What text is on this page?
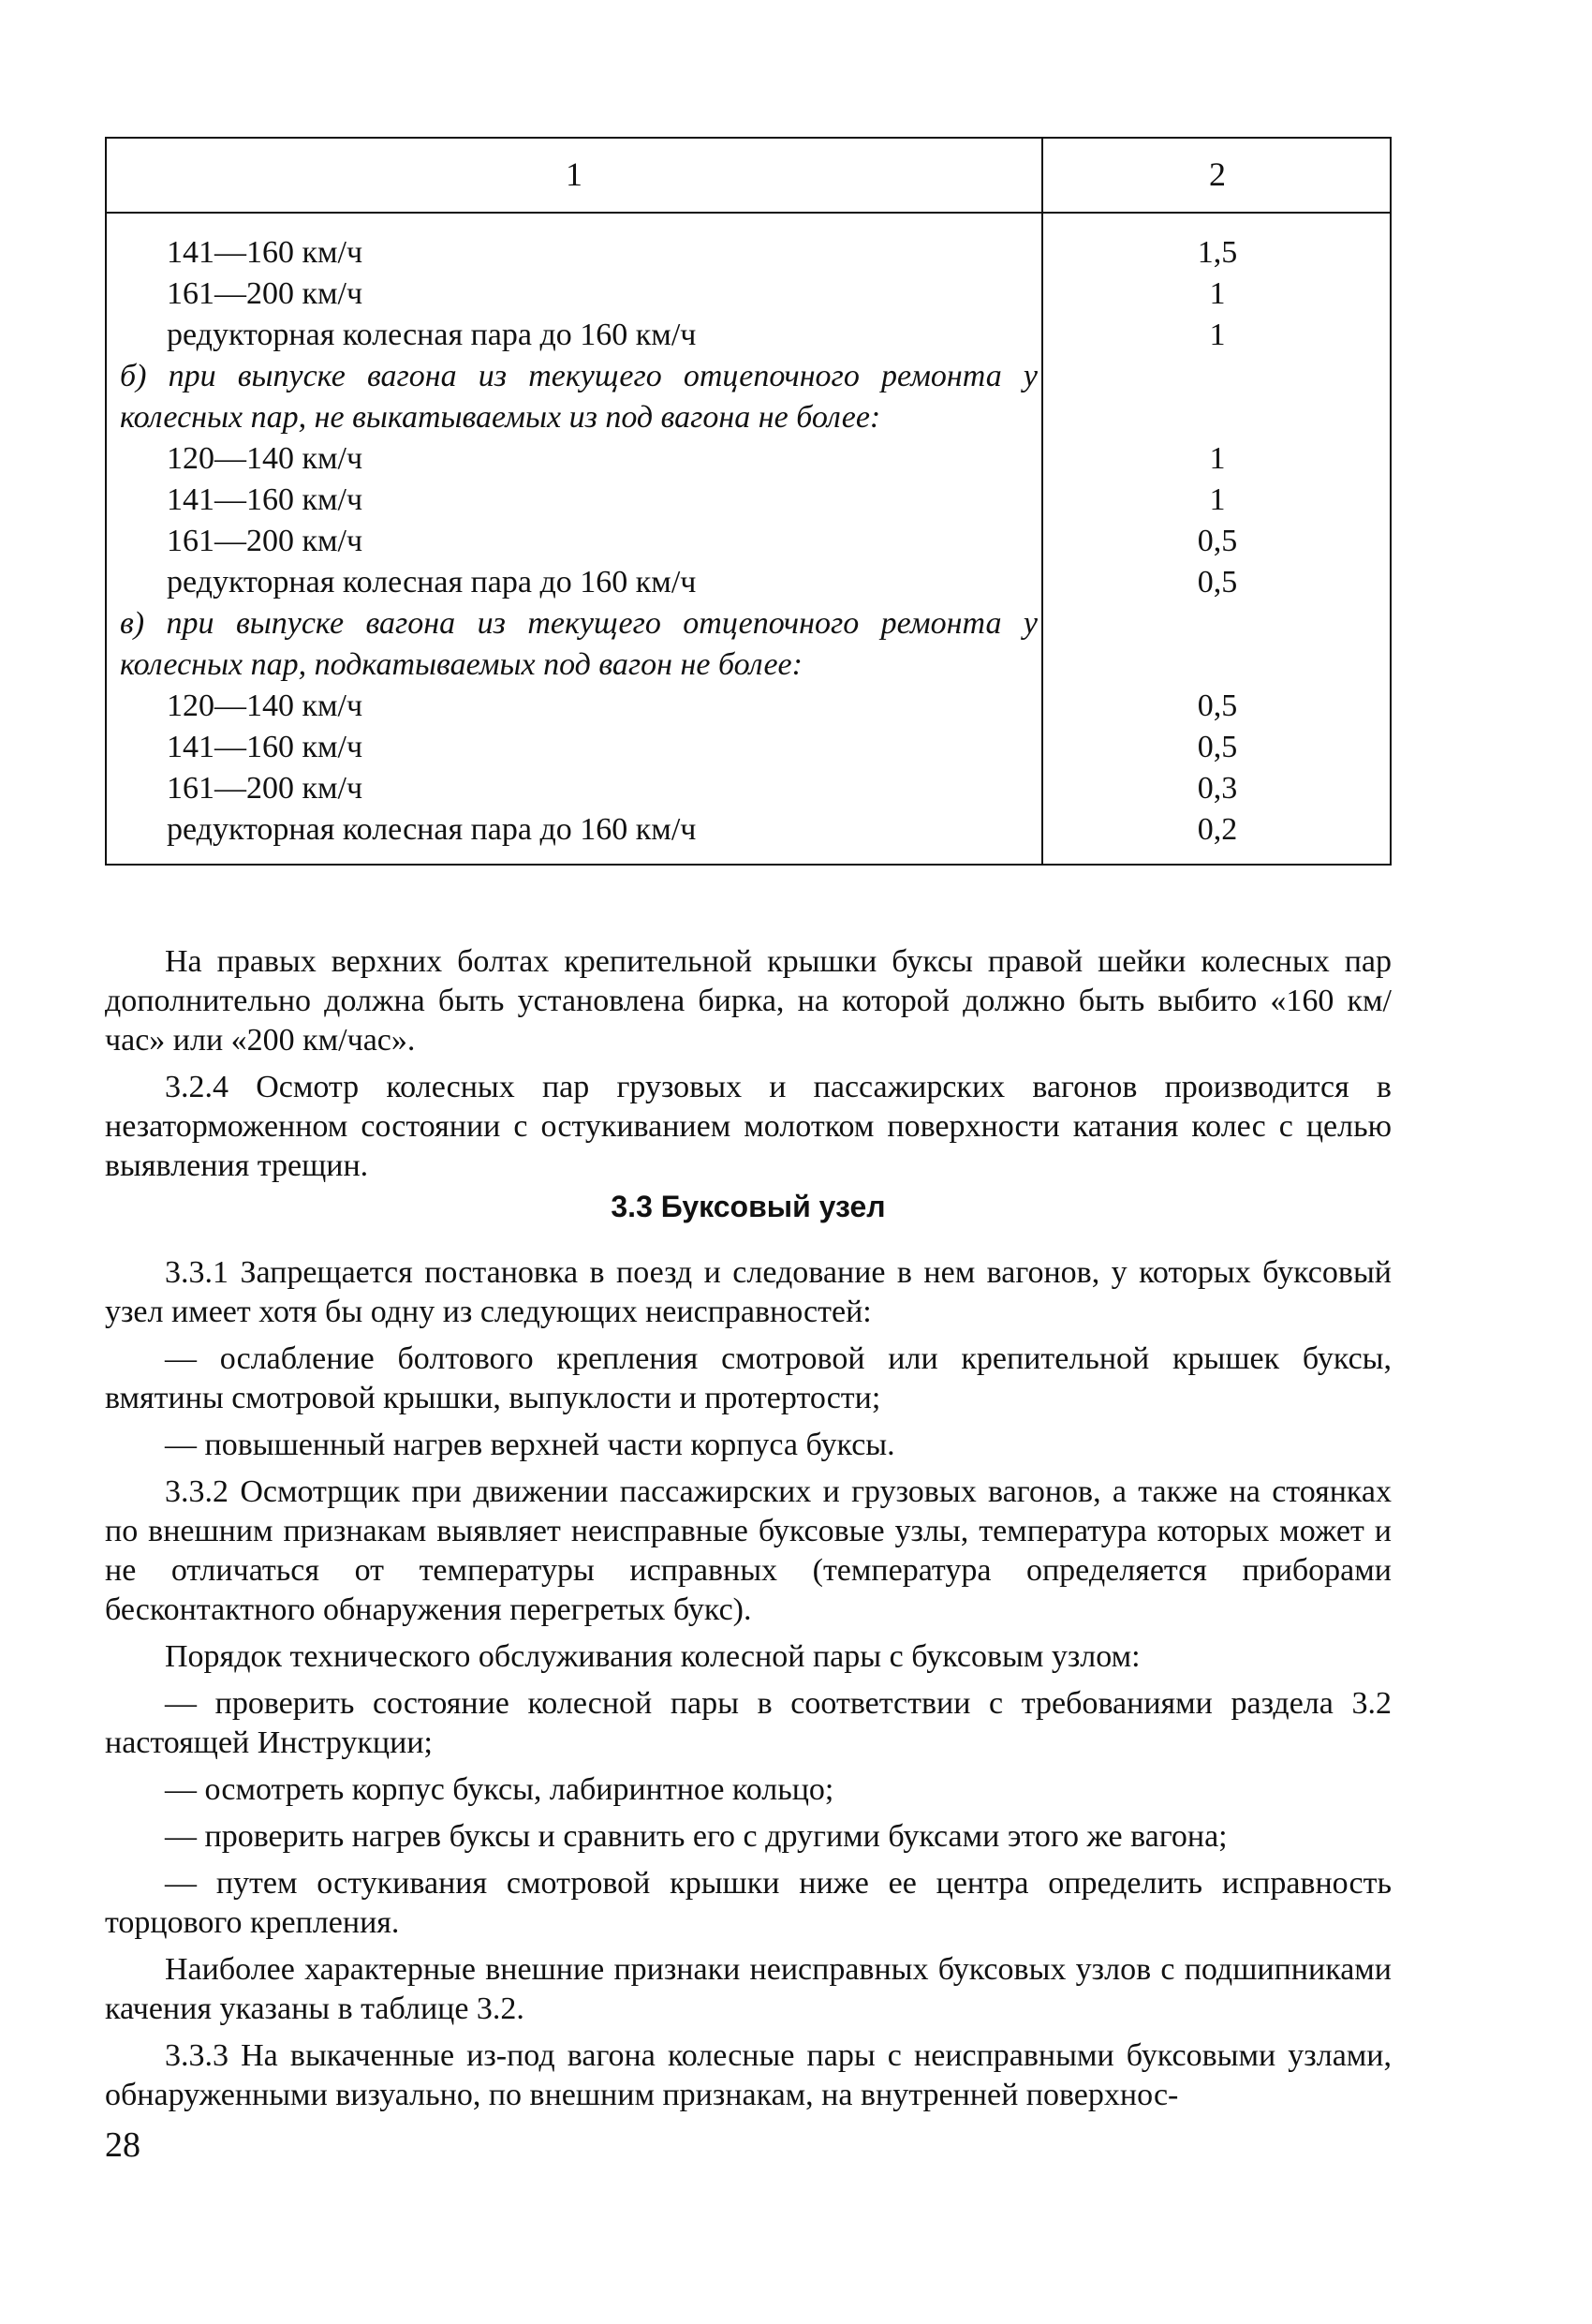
1	2
141—160 км/ч	1,5
161—200 км/ч	1
редукторная колесная пара до 160 км/ч	1
б) при выпуске вагона из текущего отцепочного ремонта у колесных пар, не выкатываемых из под вагона не более:
120—140 км/ч	1
141—160 км/ч	1
161—200 км/ч	0,5
редукторная колесная пара до 160 км/ч	0,5
в) при выпуске вагона из текущего отцепочного ремонта у колесных пар, подкатываемых под вагон не более:
120—140 км/ч	0,5
141—160 км/ч	0,5
161—200 км/ч	0,3
редукторная колесная пара до 160 км/ч	0,2

На правых верхних болтах крепительной крышки буксы правой шейки колесных пар дополнительно должна быть установлена бирка, на которой должно быть выбито «160 км/час» или «200 км/час».

3.2.4 Осмотр колесных пар грузовых и пассажирских вагонов производится в незаторможенном состоянии с остукиванием молотком поверхности катания колес с целью выявления трещин.

3.3 Буксовый узел

3.3.1 Запрещается постановка в поезд и следование в нем вагонов, у которых буксовый узел имеет хотя бы одну из следующих неисправностей:

— ослабление болтового крепления смотровой или крепительной крышек буксы, вмятины смотровой крышки, выпуклости и протертости;

— повышенный нагрев верхней части корпуса буксы.

3.3.2 Осмотрщик при движении пассажирских и грузовых вагонов, а также на стоянках по внешним признакам выявляет неисправные буксовые узлы, температура которых может и не отличаться от температуры исправных (температура определяется приборами бесконтактного обнаружения перегретых букс).

Порядок технического обслуживания колесной пары с буксовым узлом:

— проверить состояние колесной пары в соответствии с требованиями раздела 3.2 настоящей Инструкции;

— осмотреть корпус буксы, лабиринтное кольцо;

— проверить нагрев буксы и сравнить его с другими буксами этого же вагона;

— путем остукивания смотровой крышки ниже ее центра определить исправность торцового крепления.

Наиболее характерные внешние признаки неисправных буксовых узлов с подшипниками качения указаны в таблице 3.2.

3.3.3 На выкаченные из-под вагона колесные пары с неисправными буксовыми узлами, обнаруженными визуально, по внешним признакам, на внутренней поверхнос-

28
